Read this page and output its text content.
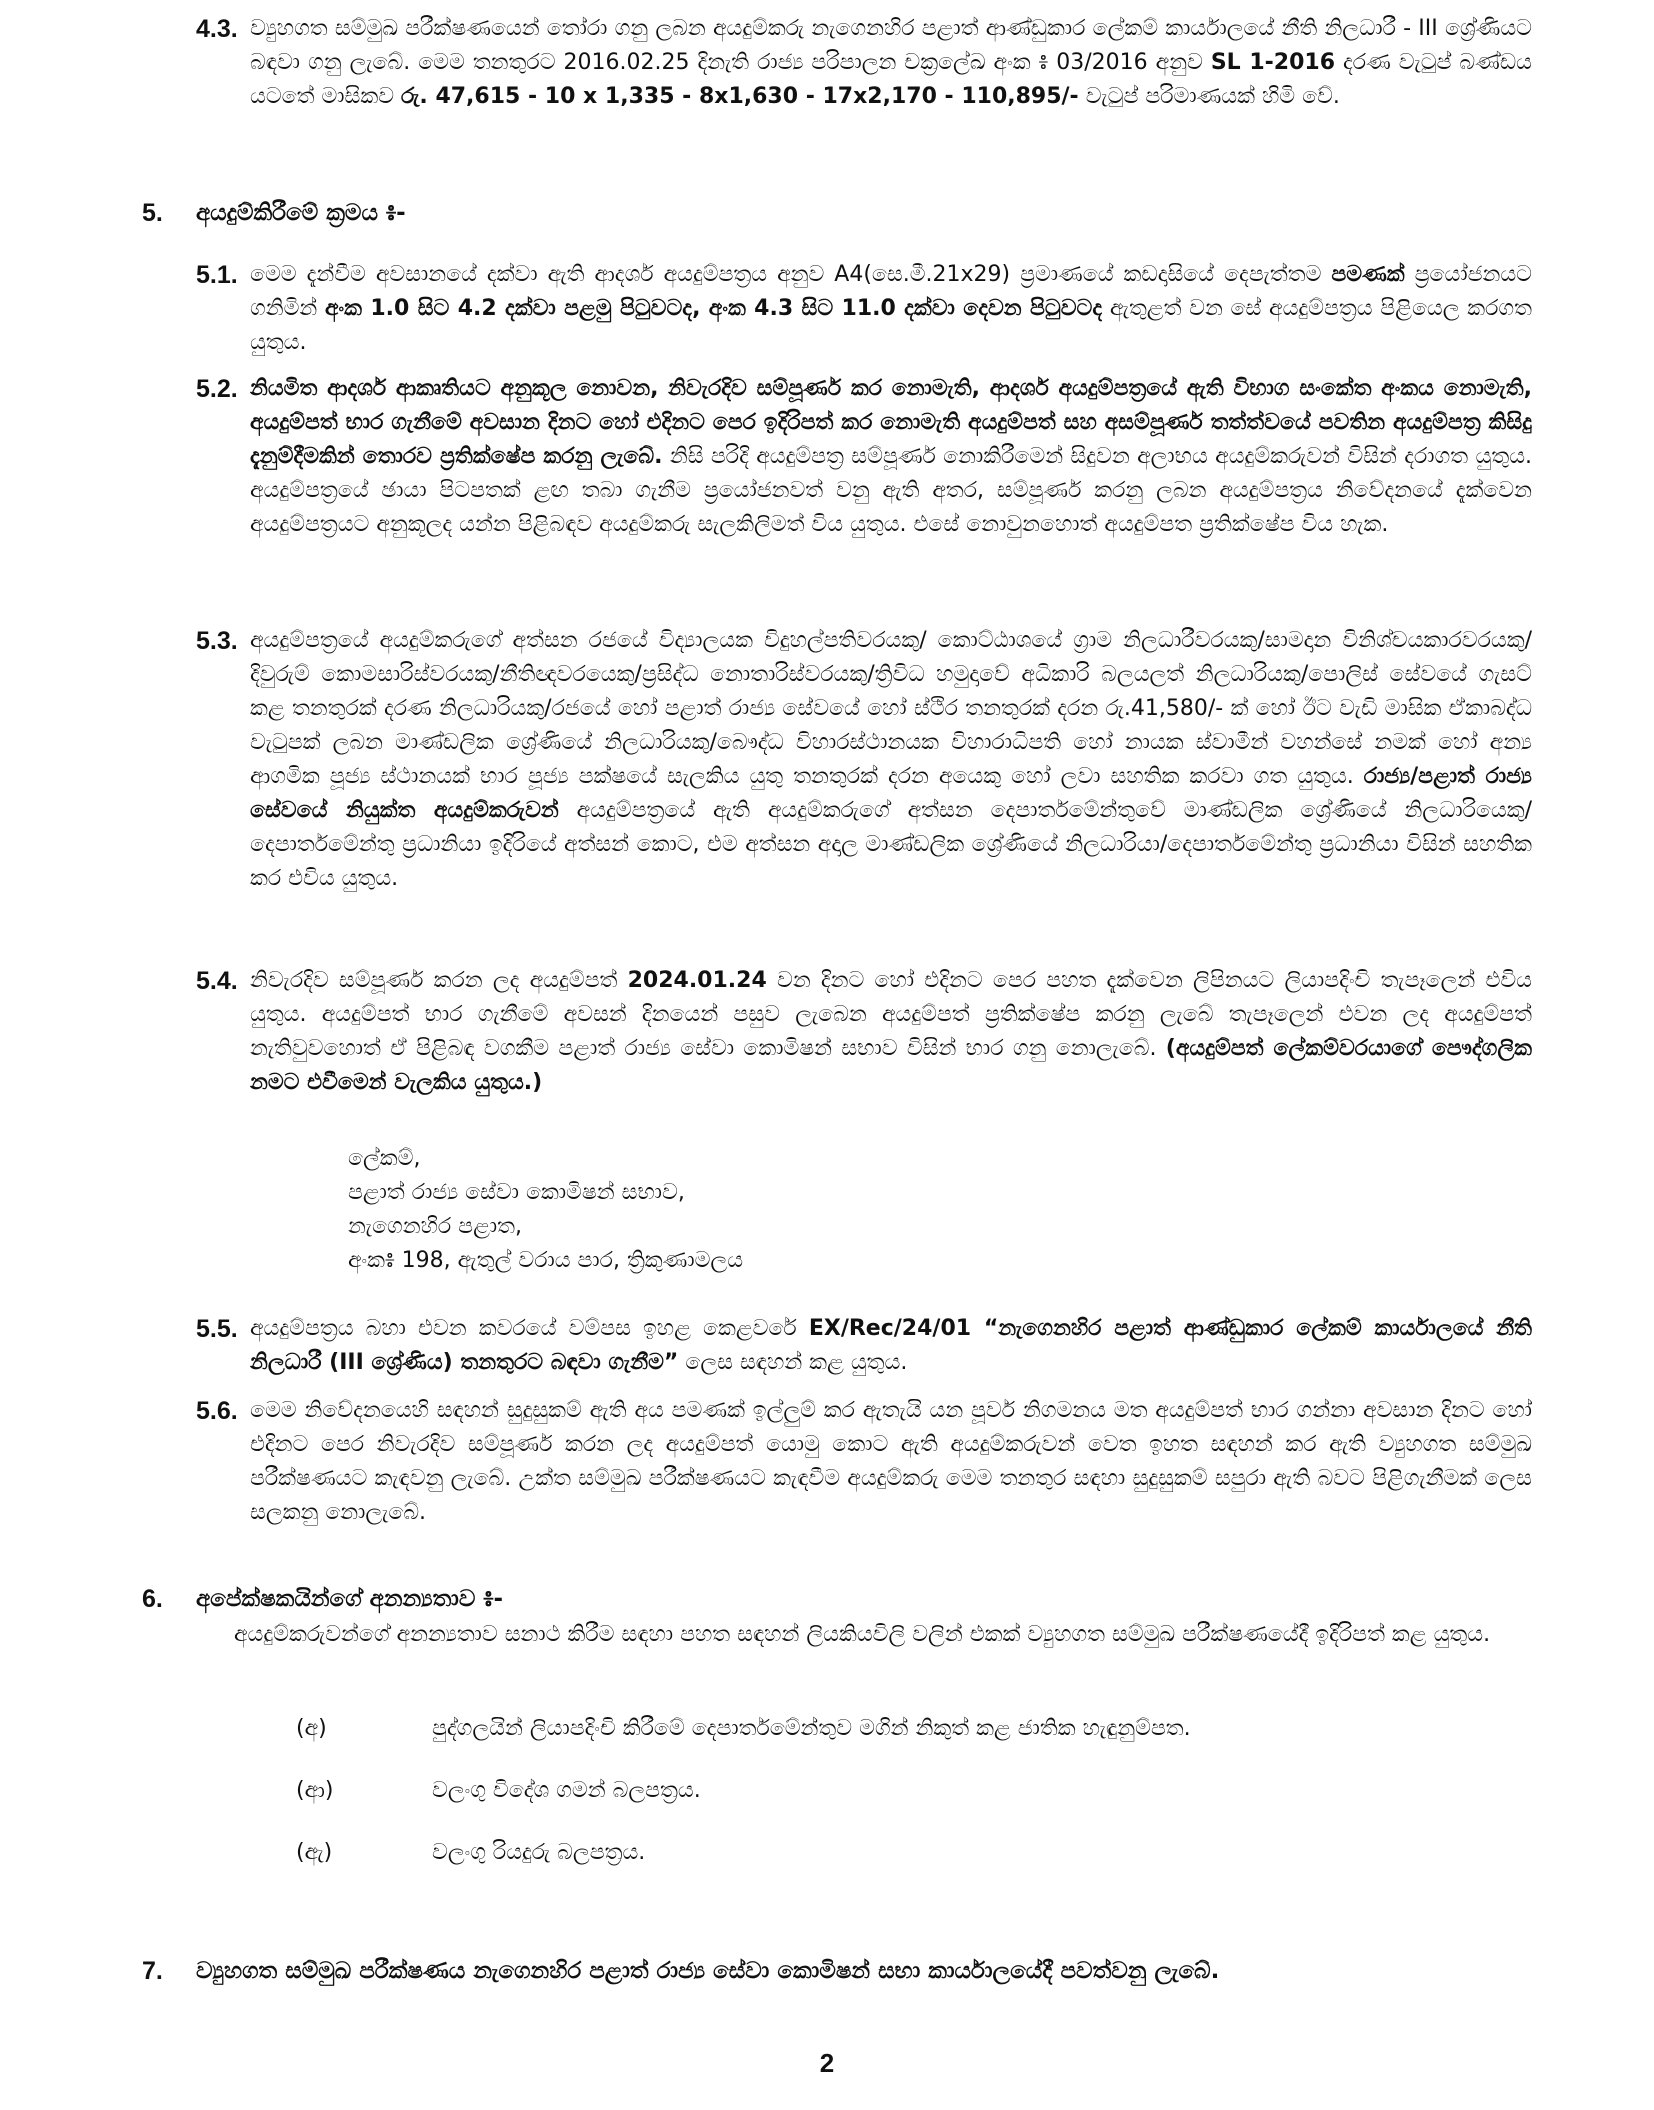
4.3. ව්‍යුහගත සම්මුඛ පරීක්ෂණයෙන් තෝරා ගනු ලබන අයදුම්කරු නැගෙනහිර පළාත් ආණ්ඩුකාර ලේකම් කාර්යාලයේ නීති නිලධාරී - III ශ්‍රේණියට බඳවා ගනු ලැබේ. මෙම තනතුරට 2016.02.25 දිනැති රාජ්‍ය පරිපාලන චක්‍රලේඛ අංක ៖ 03/2016 අනුව SL 1-2016 දරණ වැටුප් බණ්ඩය යටතේ මාසිකව රු. 47,615 - 10 x 1,335 - 8x1,630 - 17x2,170 - 110,895/- වැටුප් පරිමාණයක් හිමි වේ.
5. අයදුම්කිරීමේ ක්‍රමය ៖-
5.1. මෙම දැන්වීම අවසානයේ දක්වා ඇති ආදර්ශ අයදුම්පත්‍රය අනුව A4(සෙ.මී.21x29) ප්‍රමාණයේ කඩදාසියේ දෙපැත්තම පමණක් ප්‍රයෝජනයට ගනිමින් අංක 1.0 සිට 4.2 දක්වා පළමු පිටුවටද, අංක 4.3 සිට 11.0 දක්වා දෙවන පිටුවටද ඇතුළත් වන සේ අයදුම්පත්‍රය පිළියෙල කරගත යුතුය.
5.2. නියමිත ආදර්ශ ආකෘතියට අනුකූල නොවන, නිවැරදිව සම්පූර්ණ කර නොමැති, ආදර්ශ අයදුම්පත්‍රයේ ඇති විභාග සංකේත අංකය නොමැති, අයදුම්පත් භාර ගැනීමේ අවසාන දිනට හෝ එදිනට පෙර ඉදිරිපත් කර නොමැති අයදුම්පත් සහ අසම්පූර්ණ තත්ත්වයේ පවතින අයදුම්පත්‍ර කිසිදු දැනුම්දීමකින් තොරව ප්‍රතික්ෂේප කරනු ලැබේ. නිසි පරිදි අයදුම්පත්‍ර සම්පූර්ණ නොකිරීමෙන් සිදුවන අලාභය අයදුම්කරුවන් විසින් දරාගත යුතුය. අයදුම්පත්‍රයේ ඡායා පිටපතක් ළඟ තබා ගැනීම ප්‍රයෝජනවත් වනු ඇති අතර, සම්පූර්ණ කරනු ලබන අයදුම්පත්‍රය නිවේදනයේ දැක්වෙන අයදුම්පත්‍රයට අනුකූලද යන්න පිළිබඳව අයදුම්කරු සැලකිලිමත් විය යුතුය. එසේ නොවුනහොත් අයදුම්පත ප්‍රතික්ෂේප විය හැක.
5.3. අයදුම්පත්‍රයේ අයදුම්කරුගේ අත්සන රජයේ විද්‍යාලයක විදුහල්පතිවරයකු/ කොට්ඨාශයේ ග්‍රාම නිලධාරීවරයකු/සාමදාන විනිශ්චයකාරවරයකු/දිවුරුම් කොමසාරිස්වරයකු/නීතිඥවරයෙකු/ප්‍රසිද්ධ නොතාරිස්වරයකු/ත්‍රිවිධ හමුදාවේ අධිකාරි බලයලත් නිලධාරියකු/පොලිස් සේවයේ ගැසට් කළ තනතුරක් දරණ නිලධාරියකු/රජයේ හෝ පළාත් රාජ්‍ය සේවයේ හෝ ස්ථිර තනතුරක් දරන රු.41,580/- ක් හෝ ඊට වැඩි මාසික ඒකාබද්ධ වැටුපක් ලබන මාණ්ඩලික ශ්‍රේණියේ නිලධාරියකු/බෞද්ධ විහාරස්ථානයක විහාරාධිපති හෝ නායක ස්වාමීන් වහන්සේ නමක් හෝ අන්‍ය ආගමික පූජ්‍ය ස්ථානයක් භාර පූජ්‍ය පක්ෂයේ සැලකිය යුතු තනතුරක් දරන අයෙකු හෝ ලවා සහතික කරවා ගත යුතුය. රාජ්‍ය/පළාත් රාජ්‍ය සේවයේ නියුක්ත අයදුම්කරුවන් අයදුම්පත්‍රයේ ඇති අයදුම්කරුගේ අත්සන දෙපාර්තමේන්තුවේ මාණ්ඩලික ශ්‍රේණියේ නිලධාරියෙකු/දෙපාර්තමේන්තු ප්‍රධානියා ඉදිරියේ අත්සන් කොට, එම අත්සන අදාල මාණ්ඩලික ශ්‍රේණියේ නිලධාරියා/දෙපාර්තමේන්තු ප්‍රධානියා විසින් සහතික කර එවිය යුතුය.
5.4. නිවැරදිව සම්පූර්ණ කරන ලද අයදුම්පත් 2024.01.24 වන දිනට හෝ එදිනට පෙර පහත දැක්වෙන ලිපිනයට ලියාපදිංචි තැපෑලෙන් එවිය යුතුය. අයදුම්පත් භාර ගැනීමේ අවසන් දිනයෙන් පසුව ලැබෙන අයදුම්පත් ප්‍රතික්ෂේප කරනු ලැබේ තැපෑලෙන් එවන ලද අයදුම්පත් නැතිවුවහොත් ඒ පිළිබඳ වගකීම පළාත් රාජ්‍ය සේවා කොමිෂන් සභාව විසින් භාර ගනු නොලැබේ. (අයදුම්පත් ලේකම්වරයාගේ පෞද්ගලික නමට එවීමෙන් වැලකිය යුතුය.)
ලේකම්,
පළාත් රාජ්‍ය සේවා කොමිෂන් සභාව,
නැගෙනහිර පළාත,
අංක៖ 198, ඇතුල් වරාය පාර, ත්‍රිකුණාමලය
5.5. අයදුම්පත්‍රය බහා එවන කවරයේ වම්පස ඉහළ කෙළවරේ EX/Rec/24/01 “නැගෙනහිර පළාත් ආණ්ඩුකාර ලේකම් කාර්යාලයේ නීති නිලධාරී (III ශ්‍රේණිය) තනතුරට බඳවා ගැනීම” ලෙස සඳහන් කළ යුතුය.
5.6. මෙම නිවේදනයෙහි සඳහන් සුදුසුකම් ඇති අය පමණක් ඉල්ලුම් කර ඇතැයි යන පූර්ව නිගමනය මත අයදුම්පත් භාර ගන්නා අවසාන දිනට හෝ එදිනට පෙර නිවැරදිව සම්පූර්ණ කරන ලද අයදුම්පත් යොමු කොට ඇති අයදුම්කරුවන් වෙත ඉහත සඳහන් කර ඇති ව්‍යුහගත සම්මුඛ පරීක්ෂණයට කැඳවනු ලැබේ. උක්ත සම්මුඛ පරීක්ෂණයට කැඳවීම අයදුම්කරු මෙම තනතුර සඳහා සුදුසුකම් සපුරා ඇති බවට පිළිගැනීමක් ලෙස සලකනු නොලැබේ.
6. අපේක්ෂකයින්ගේ අනන්‍යතාව ៖-
අයදුම්කරුවන්ගේ අනන්‍යතාව සනාථ කිරීම සඳහා පහත සඳහන් ලියකියවිලි වලින් එකක් ව්‍යුහගත සම්මුඛ පරීක්ෂණයේදී ඉදිරිපත් කළ යුතුය.
(අ)	පුද්ගලයින් ලියාපදිංචි කිරීමේ දෙපාර්තමේන්තුව මගින් නිකුත් කළ ජාතික හැඳුනුම්පත.
(ආ)	වලංගු විදේශ ගමන් බලපත්‍රය.
(ඇ)	වලංගු රියදුරු බලපත්‍රය.
7. ව්‍යුහගත සම්මුඛ පරීක්ෂණය නැගෙනහිර පළාත් රාජ්‍ය සේවා කොමිෂන් සභා කාර්යාලයේදී පවත්වනු ලැබේ.
2
